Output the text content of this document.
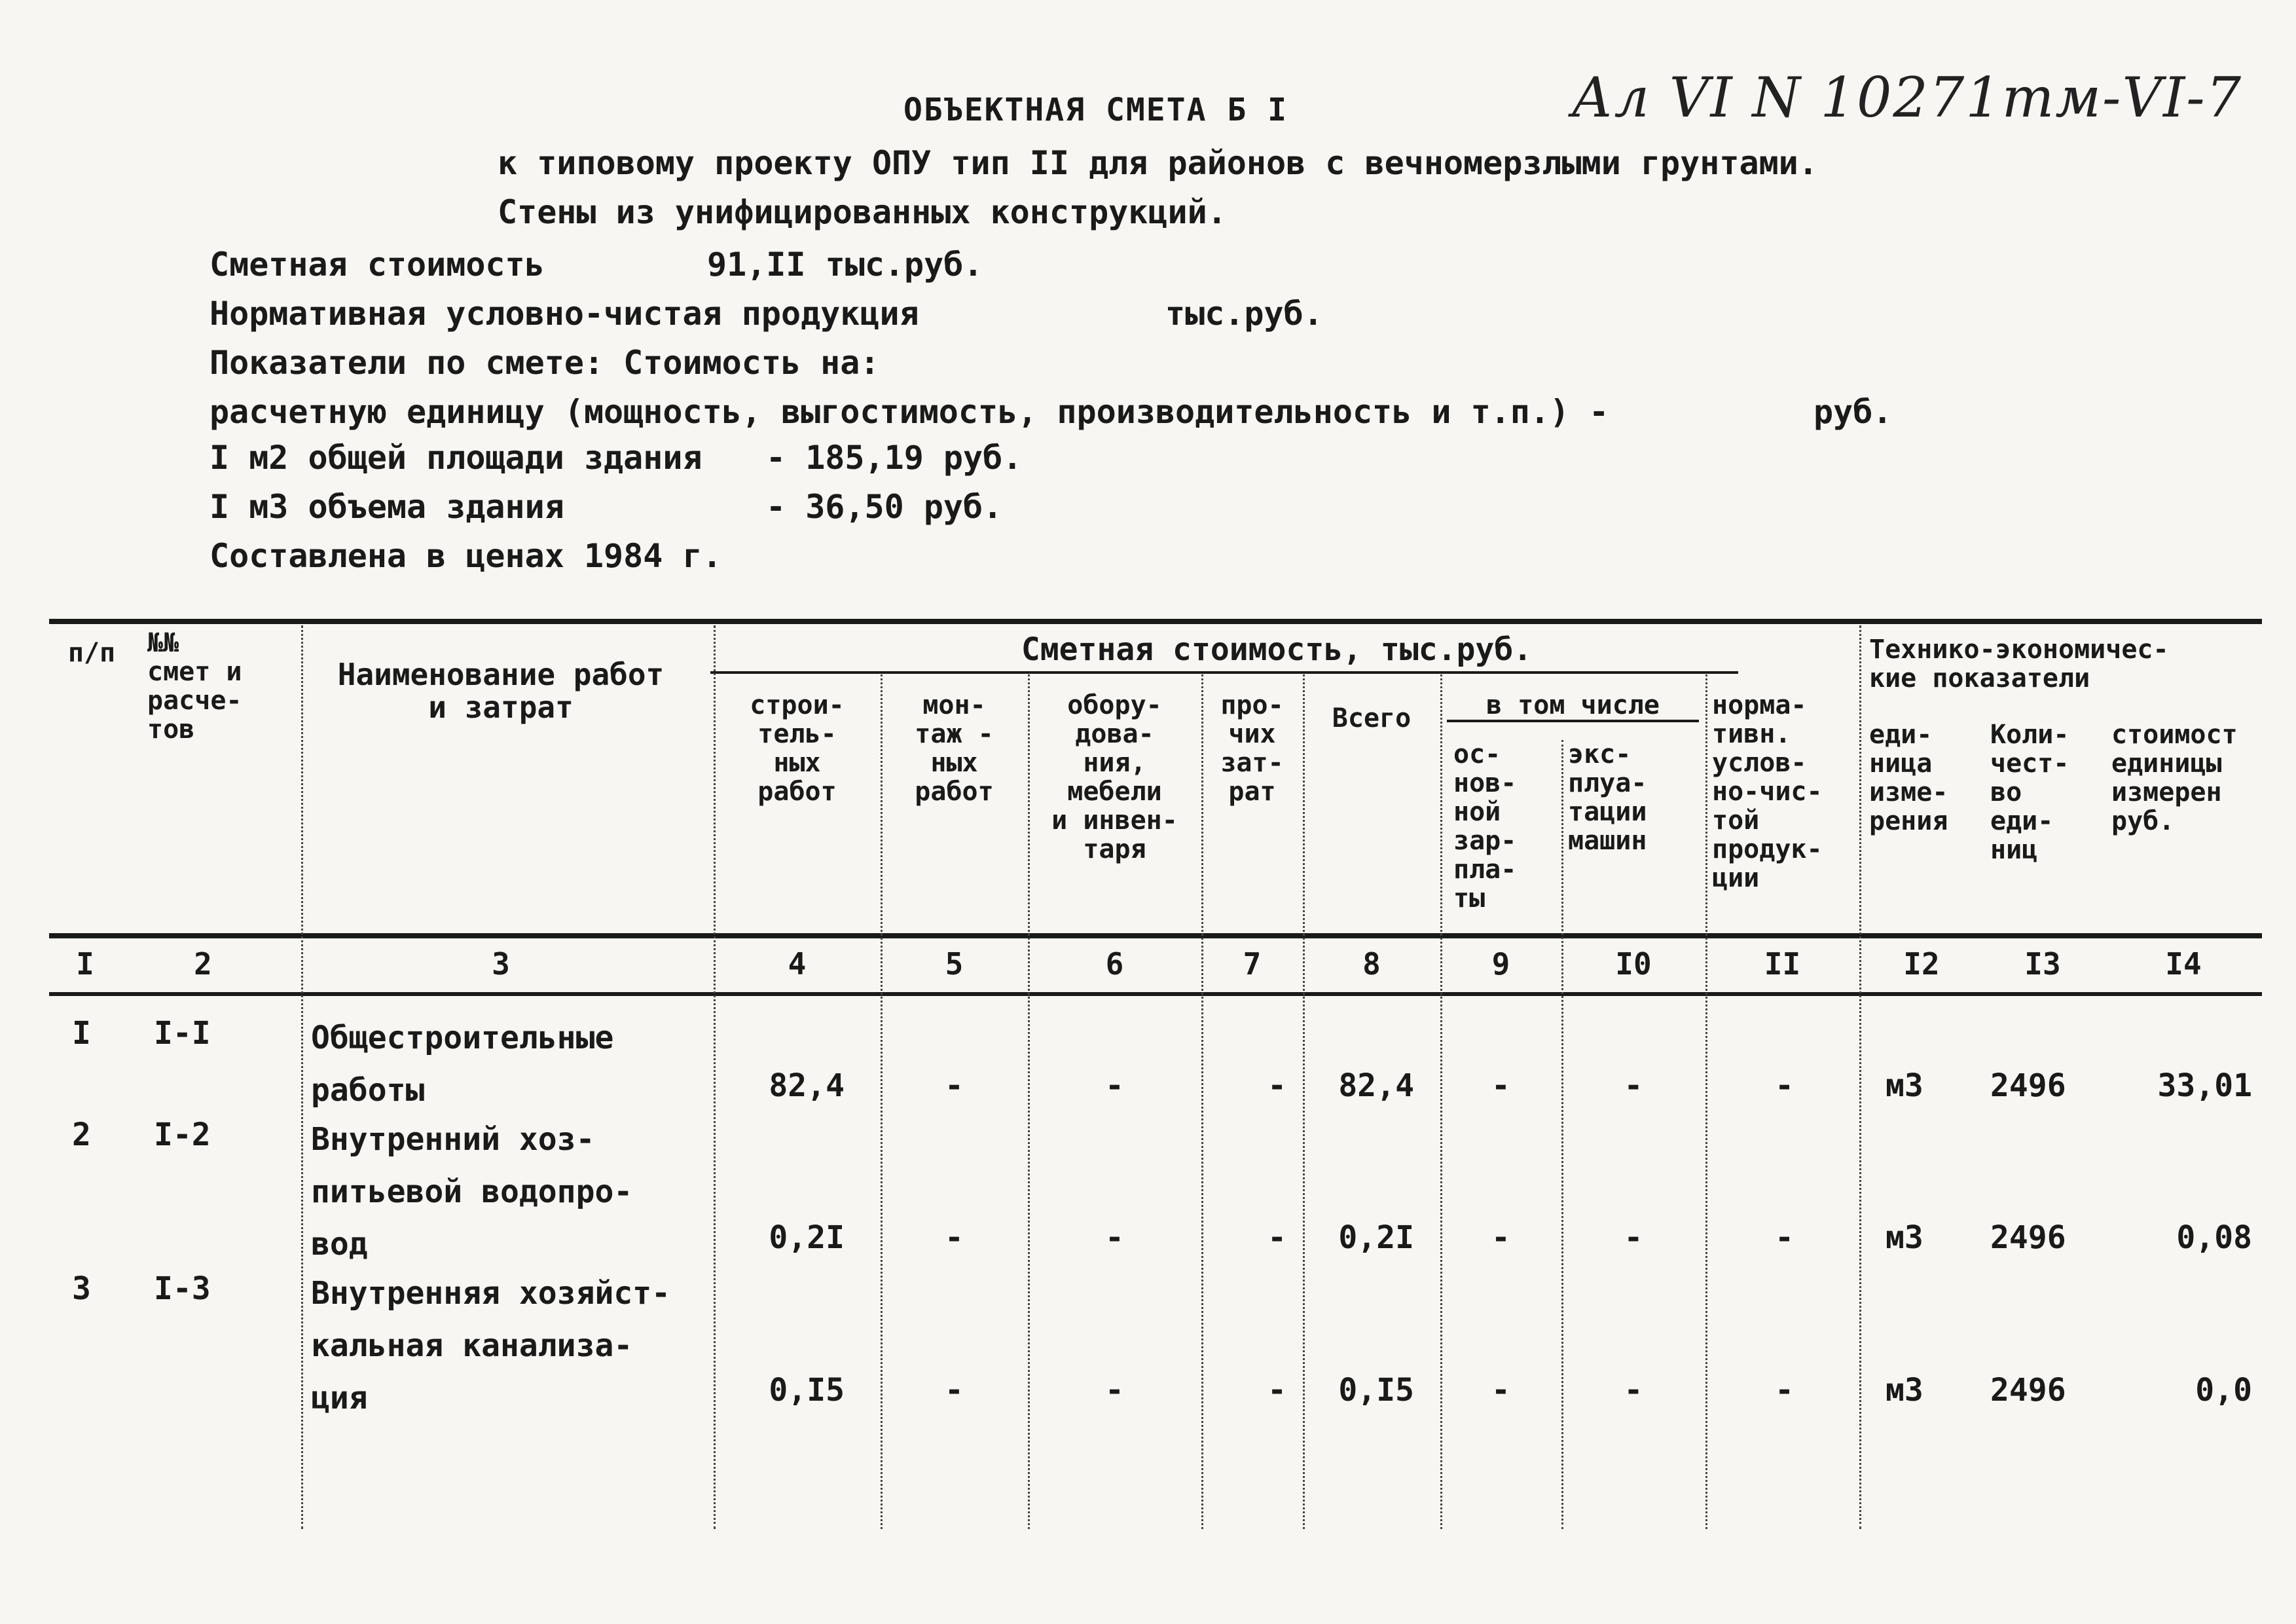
Ал VI N 10271тм-VI-7
ОБЪЕКТНАЯ СМЕТА Б I
к типовому проекту ОПУ тип II для районов с вечномерзлыми грунтами.
Стены из унифицированных конструкций.
Сметная стоимость	91,II тыс.руб.
Нормативная условно-чистая продукция	тыс.руб.
Показатели по смете: Стоимость на:
расчетную единицу (мощность, выгостимость, производительность и т.п.) -	руб.
I м2 общей площади здания - 185,19 руб.
I м3 объема здания	- 36,50 руб.
Составлена в ценах 1984 г.
п/п	№№
смет и
расче-
тов
Наименование работ
и затрат
Сметная стоимость, тыс.руб.
строи-
тель-
ных
работ
мон-
таж -
ных
работ
обору-
дова-
ния,
мебели
и инвен-
таря
про-
чих
зат-
рат
Всего	в том числе
ос-
нов-
ной
зар-
пла-
ты
экс-
плуа-
тации
машин
норма-
тивн.
услов-
но-чис-
той
продук-
ции
Технико-экономичес-
кие показатели
еди-
ница
изме-
рения
Коли-
чест-
во
еди-
ниц
стоимост
единицы
измерен
руб.
I	2	3	4	5	6	7	8	9	I0	II	I2	I3	I4
I I-I	Общестроительные
работы	82,4	-	-	-	82,4	-	-	-	м3 2496	33,01
2 I-2	Внутренний хоз-
питьевой водопро-
вод	0,2I	-	-	-	0,2I	-	-	-	м3 2496	0,08
3 I-3	Внутренняя хозяйст-
кальная канализа-
ция	0,I5	-	-	-	0,I5	-	-	-	м3 2496	0,0
